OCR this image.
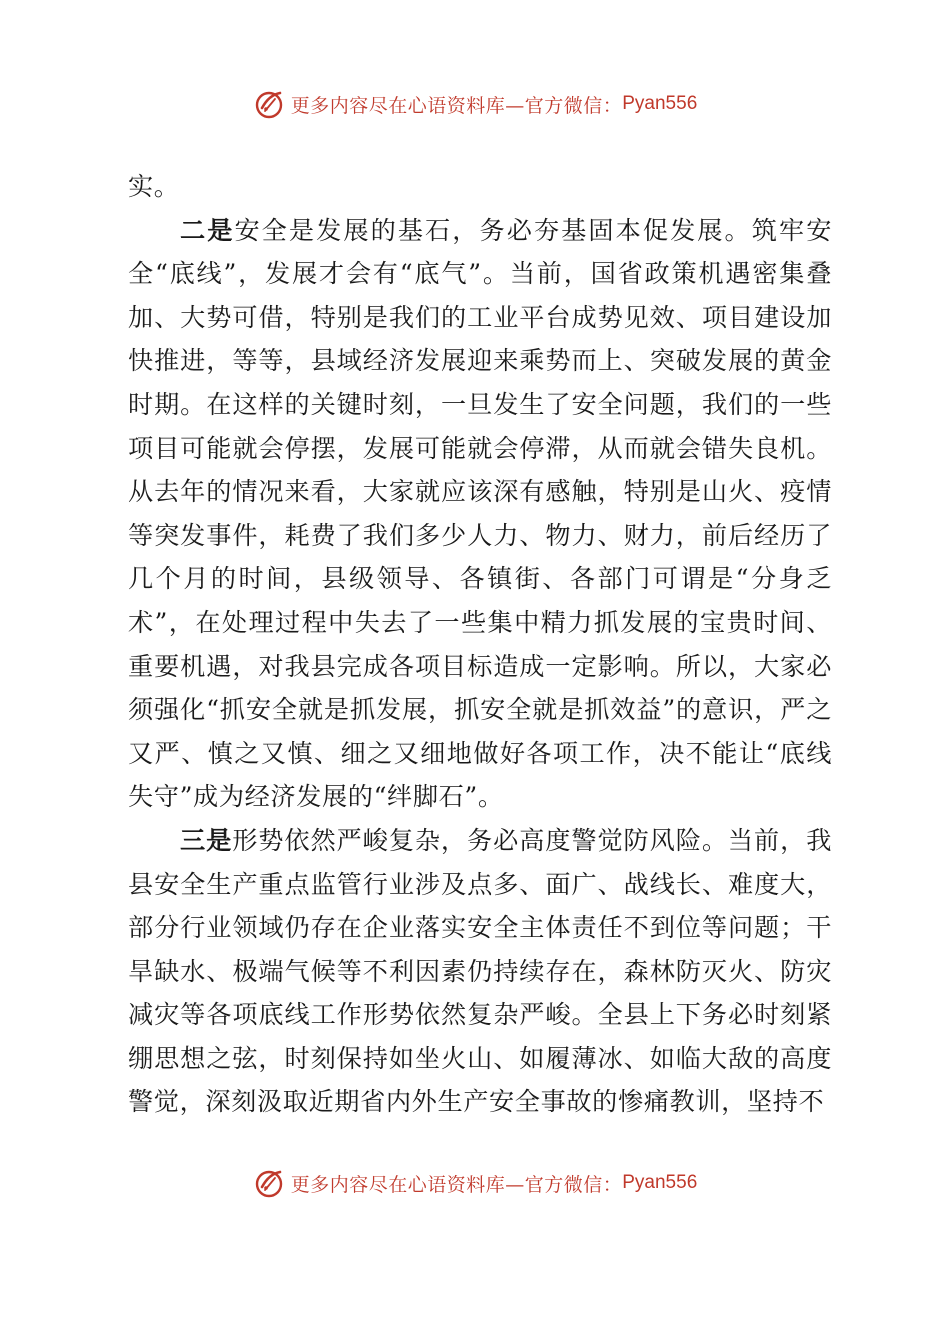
更多内容尽在心语资料库—官方微信： Pyan556

实。

二是安全是发展的基石，务必夯基固本促发展。筑牢安全“底线”，发展才会有“底气”。当前，国省政策机遇密集叠加、大势可借，特别是我们的工业平台成势见效、项目建设加快推进，等等，县域经济发展迎来乘势而上、突破发展的黄金时期。在这样的关键时刻，一旦发生了安全问题，我们的一些项目可能就会停摆，发展可能就会停滞，从而就会错失良机。从去年的情况来看，大家就应该深有感触，特别是山火、疫情等突发事件，耗费了我们多少人力、物力、财力，前后经历了几个月的时间，县级领导、各镇街、各部门可谓是“分身乏术”，在处理过程中失去了一些集中精力抓发展的宝贵时间、重要机遇，对我县完成各项目标造成一定影响。所以，大家必须强化“抓安全就是抓发展，抓安全就是抓效益”的意识，严之又严、慎之又慎、细之又细地做好各项工作，决不能让“底线失守”成为经济发展的“绊脚石”。

三是形势依然严峻复杂，务必高度警觉防风险。当前，我县安全生产重点监管行业涉及点多、面广、战线长、难度大，部分行业领域仍存在企业落实安全主体责任不到位等问题；干旱缺水、极端气候等不利因素仍持续存在，森林防灭火、防灾减灾等各项底线工作形势依然复杂严峻。全县上下务必时刻紧绷思想之弦，时刻保持如坐火山、如履薄冰、如临大敌的高度警觉，深刻汲取近期省内外生产安全事故的惨痛教训，坚持不

更多内容尽在心语资料库—官方微信： Pyan556
